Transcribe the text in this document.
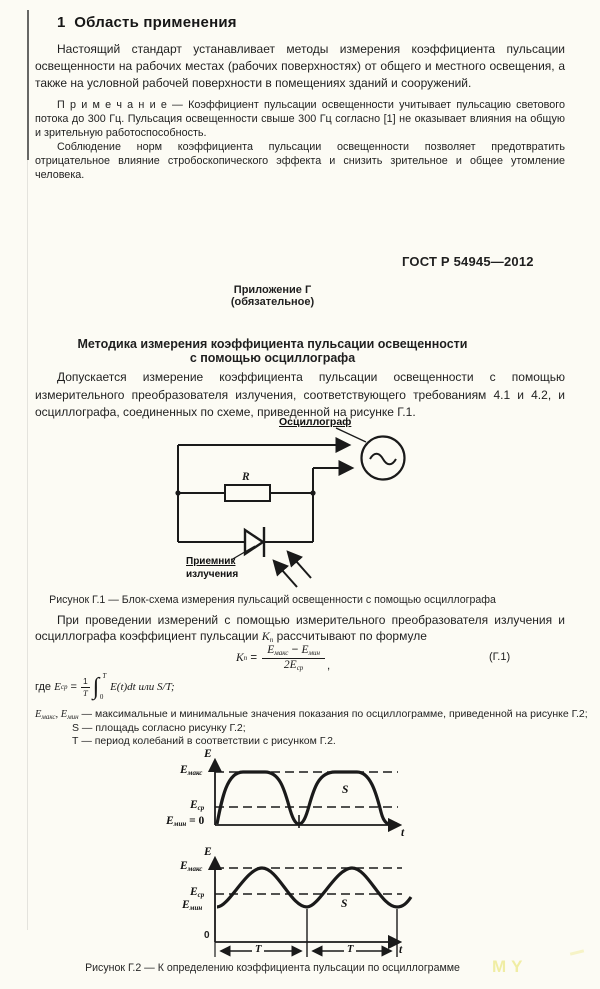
1  Область применения
Настоящий стандарт устанавливает методы измерения коэффициента пульсации освещенности на рабочих местах (рабочих поверхностях) от общего и местного освещения, а также на условной рабочей поверхности в помещениях зданий и сооружений.
П р и м е ч а н и е — Коэффициент пульсации освещенности учитывает пульсацию светового потока до 300 Гц. Пульсация освещенности свыше 300 Гц согласно [1] не оказывает влияния на общую и зрительную работоспособность.
Соблюдение норм коэффициента пульсации освещенности позволяет предотвратить отрицательное влияние стробоскопического эффекта и снизить зрительное и общее утомление человека.
ГОСТ Р 54945—2012
Приложение Г
(обязательное)
Методика измерения коэффициента пульсации освещенности
с помощью осциллографа
Допускается измерение коэффициента пульсации освещенности с помощью измерительного преобразователя излучения, соответствующего требованиям 4.1 и 4.2, и осциллографа, соединенных по схеме, приведенной на рисунке Г.1.
Осциллограф
R
Приемник
излучения
Рисунок Г.1 — Блок-схема измерения пульсаций освещенности с помощью осциллографа
При проведении измерений с помощью измерительного преобразователя излучения и осциллографа коэффициент пульсации Кп рассчитывают по формуле
К $п = \frac{\text{Емакс − Емин}}{\text{2Еср}}$ ,
(Г.1)
где Е ср = 1
Т ∫ Т
0
Е(t)dt или S/T;
Емакс, Емин — максимальные и минимальные значения показания по осциллограмме, приведенной на рисунке Г.2;
S — площадь согласно рисунку Г.2;
Т — период колебаний в соответствии с рисунком Г.2.
Е
Емакс
Еср
Емин = 0
S
t
Е
Емакс
Еср
Емин	S
0
t
Т	Т
Рисунок Г.2 — К определению коэффициента пульсации по осциллограмме	MY
